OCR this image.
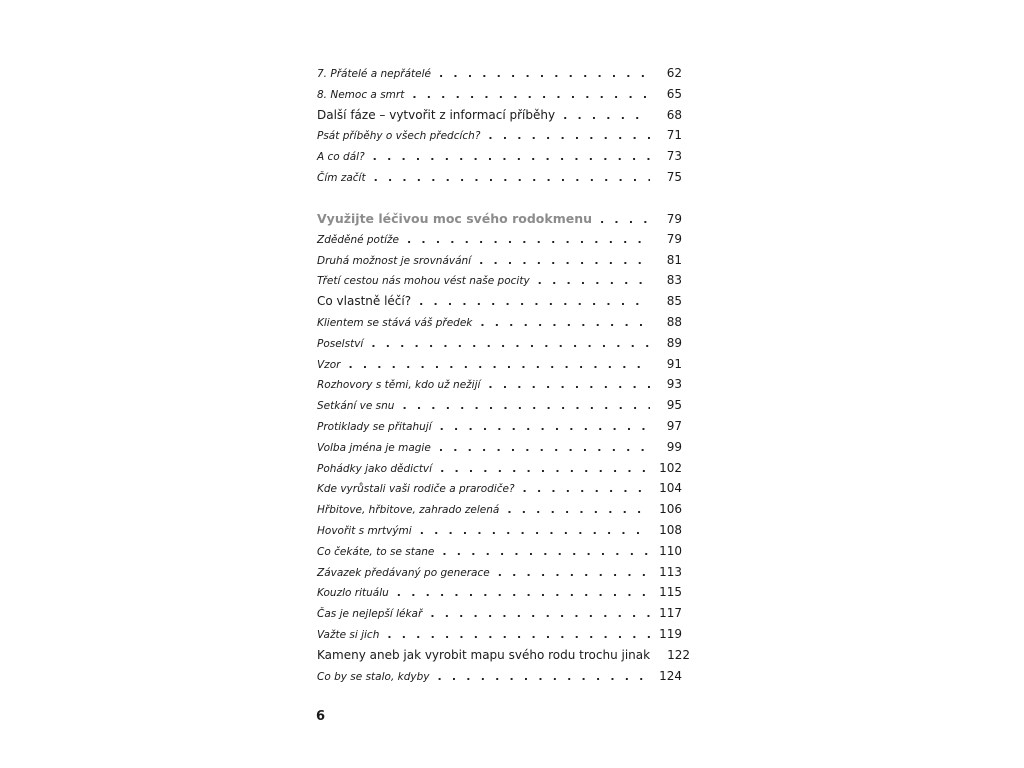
7. Přátelé a nepřátelé . . .	62
8. Nemoc a smrt . . .	65
Další fáze – vytvořit z informací příběhy . . .	68
Psát příběhy o všech předcích? . . .	71
A co dál? . . .	73
Čím začít . . .	75
Využijte léčivou moc svého rodokmenu . . .	79
Zděděné potíže . . .	79
Druhá možnost je srovnávání . . .	81
Třetí cestou nás mohou vést naše pocity . . .	83
Co vlastně léčí? . . .	85
Klientem se stává váš předek . . .	88
Poselství . . .	89
Vzor . . .	91
Rozhovory s těmi, kdo už nežijí . . .	93
Setkání ve snu . . .	95
Protiklady se přitahují . . .	97
Volba jména je magie . . .	99
Pohádky jako dědictví . . .	102
Kde vyrůstali vaši rodiče a prarodiče? . . .	104
Hřbitove, hřbitove, zahrado zelená . . .	106
Hovořit s mrtvými . . .	108
Co čekáte, to se stane . . .	110
Závazek předávaný po generace . . .	113
Kouzlo rituálu . . .	115
Čas je nejlepší lékař . . .	117
Važte si jich . . .	119
Kameny aneb jak vyrobit mapu svého rodu trochu jinak	122
Co by se stalo, kdyby . . .	124
6
